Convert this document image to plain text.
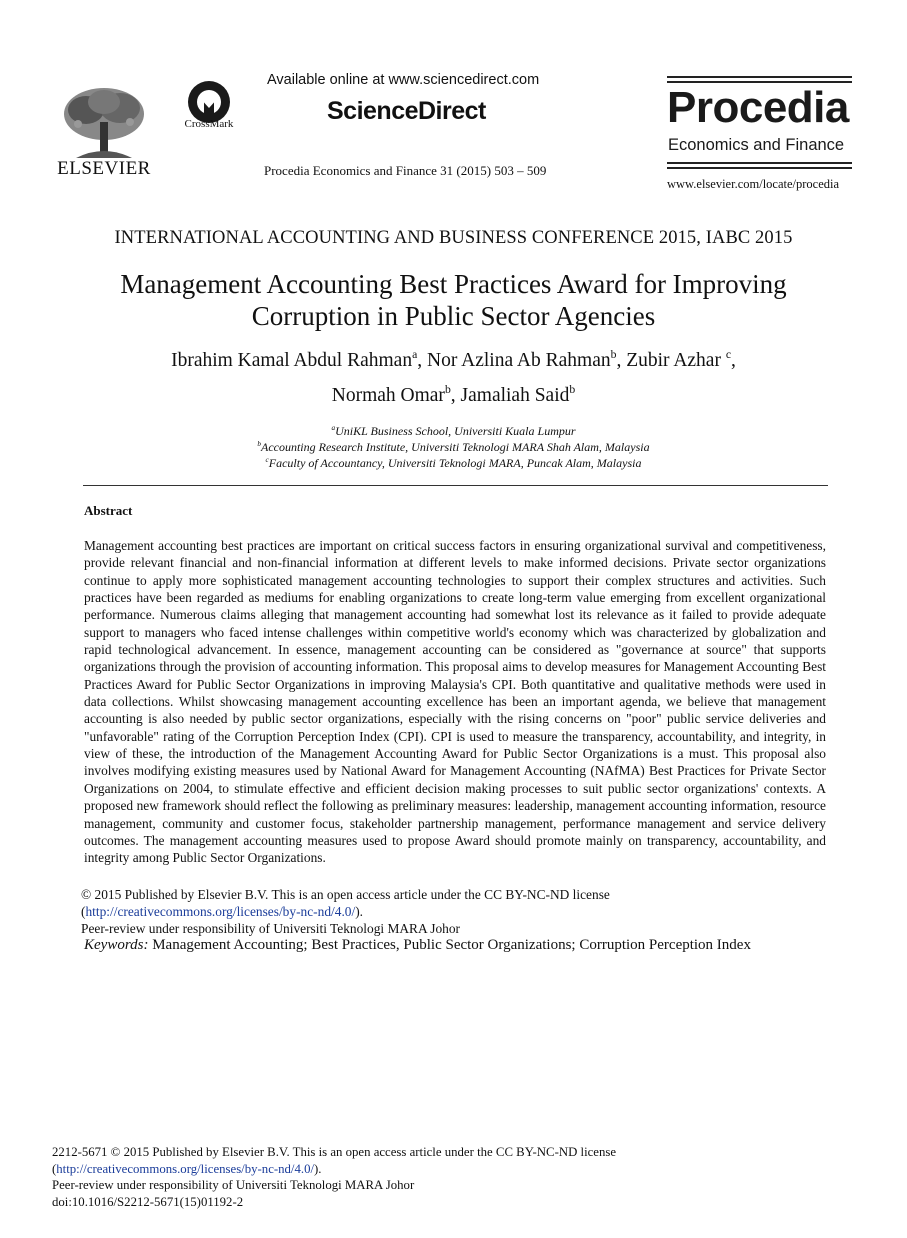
ELSEVIER
CrossMark
Available online at www.sciencedirect.com
ScienceDirect
Procedia Economics and Finance 31 (2015) 503 – 509
Procedia
Economics and Finance
www.elsevier.com/locate/procedia
INTERNATIONAL ACCOUNTING AND BUSINESS CONFERENCE 2015, IABC 2015
Management Accounting Best Practices Award for Improving
Corruption in Public Sector Agencies
Ibrahim Kamal Abdul Rahman$^a$, Nor Azlina Ab Rahman$^b$, Zubir Azhar $^c$,
Normah Omar$^b$, Jamaliah Said$^b$
$^a$UniKL Business School, Universiti Kuala Lumpur
$^b$Accounting Research Institute, Universiti Teknologi MARA Shah Alam, Malaysia
$^c$Faculty of Accountancy, Universiti Teknologi MARA, Puncak Alam, Malaysia
Abstract
Management accounting best practices are important on critical success factors in ensuring organizational survival and competitiveness, provide relevant financial and non-financial information at different levels to make informed decisions. Private sector organizations continue to apply more sophisticated management accounting technologies to support their complex structures and activities. Such practices have been regarded as mediums for enabling organizations to create long-term value emerging from excellent organizational performance. Numerous claims alleging that management accounting had somewhat lost its relevance as it failed to provide adequate support to managers who faced intense challenges within competitive world's economy which was characterized by globalization and rapid technological advancement. In essence, management accounting can be considered as "governance at source" that supports organizations through the provision of accounting information. This proposal aims to develop measures for Management Accounting Best Practices Award for Public Sector Organizations in improving Malaysia's CPI. Both quantitative and qualitative methods were used in data collections. Whilst showcasing management accounting excellence has been an important agenda, we believe that management accounting is also needed by public sector organizations, especially with the rising concerns on "poor" public service deliveries and "unfavorable" rating of the Corruption Perception Index (CPI). CPI is used to measure the transparency, accountability, and integrity, in view of these, the introduction of the Management Accounting Award for Public Sector Organizations is a must. This proposal also involves modifying existing measures used by National Award for Management Accounting (NAfMA) Best Practices for Private Sector Organizations on 2004, to stimulate effective and efficient decision making processes to suit public sector organizations' contexts. A proposed new framework should reflect the following as preliminary measures: leadership, management accounting information, resource management, community and customer focus, stakeholder partnership management, performance management and service delivery outcomes. The management accounting measures used to propose Award should promote mainly on transparency, accountability, and integrity among Public Sector Organizations.
© 2015 Published by Elsevier B.V. This is an open access article under the CC BY-NC-ND license
(http://creativecommons.org/licenses/by-nc-nd/4.0/).
Peer-review under responsibility of Universiti Teknologi MARA Johor
Keywords: Management Accounting; Best Practices, Public Sector Organizations; Corruption Perception Index
2212-5671 © 2015 Published by Elsevier B.V. This is an open access article under the CC BY-NC-ND license
(http://creativecommons.org/licenses/by-nc-nd/4.0/).
Peer-review under responsibility of Universiti Teknologi MARA Johor
doi:10.1016/S2212-5671(15)01192-2
